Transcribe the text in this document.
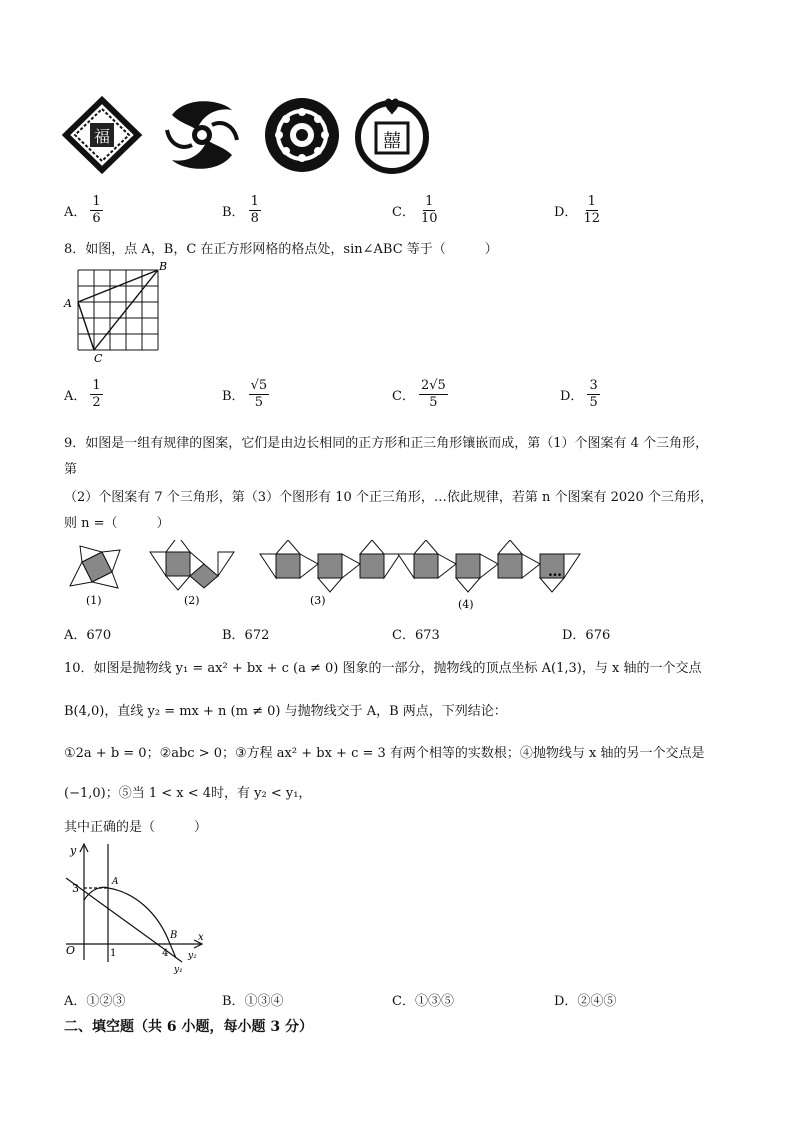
福	囍
A． $\frac{1}{6}$	B． $\frac{1}{8}$	C． $\frac{1}{10}$	D． $\frac{1}{12}$
8．如图，点 A，B，C 在正方形网格的格点处，sin∠ABC 等于（　　　）
A
B
C
A． $\frac{1}{2}$	B． $\frac{√5}{5}$	C． $\frac{2√5}{5}$	D． $\frac{3}{5}$
9．如图是一组有规律的图案，它们是由边长相同的正方形和正三角形镶嵌而成，第（1）个图案有 4 个三角形，
第
（2）个图案有 7 个三角形，第（3）个图形有 10 个正三角形，…依此规律，若第 n 个图案有 2020 个三角形，
则 n =（　　　）
(1)	(2)	(3)	(4)
…
A．670	B．672	C．673	D．676
10．如图是抛物线 y₁ = ax² + bx + c (a ≠ 0) 图象的一部分，抛物线的顶点坐标 A(1,3)，与 x 轴的一个交点
B(4,0)，直线 y₂ = mx + n (m ≠ 0) 与抛物线交于 A，B 两点，下列结论：
①2a + b = 0；②abc > 0；③方程 ax² + bx + c = 3 有两个相等的实数根；④抛物线与 x 轴的另一个交点是
(−1,0)；⑤当 1 < x < 4时，有 y₂ < y₁，
其中正确的是（　　　）
y
x
O
3
1	4
A
B
y₁
y₂
A．①②③	B．①③④	C．①③⑤	D．②④⑤
二、填空题（共 6 小题，每小题 3 分）
